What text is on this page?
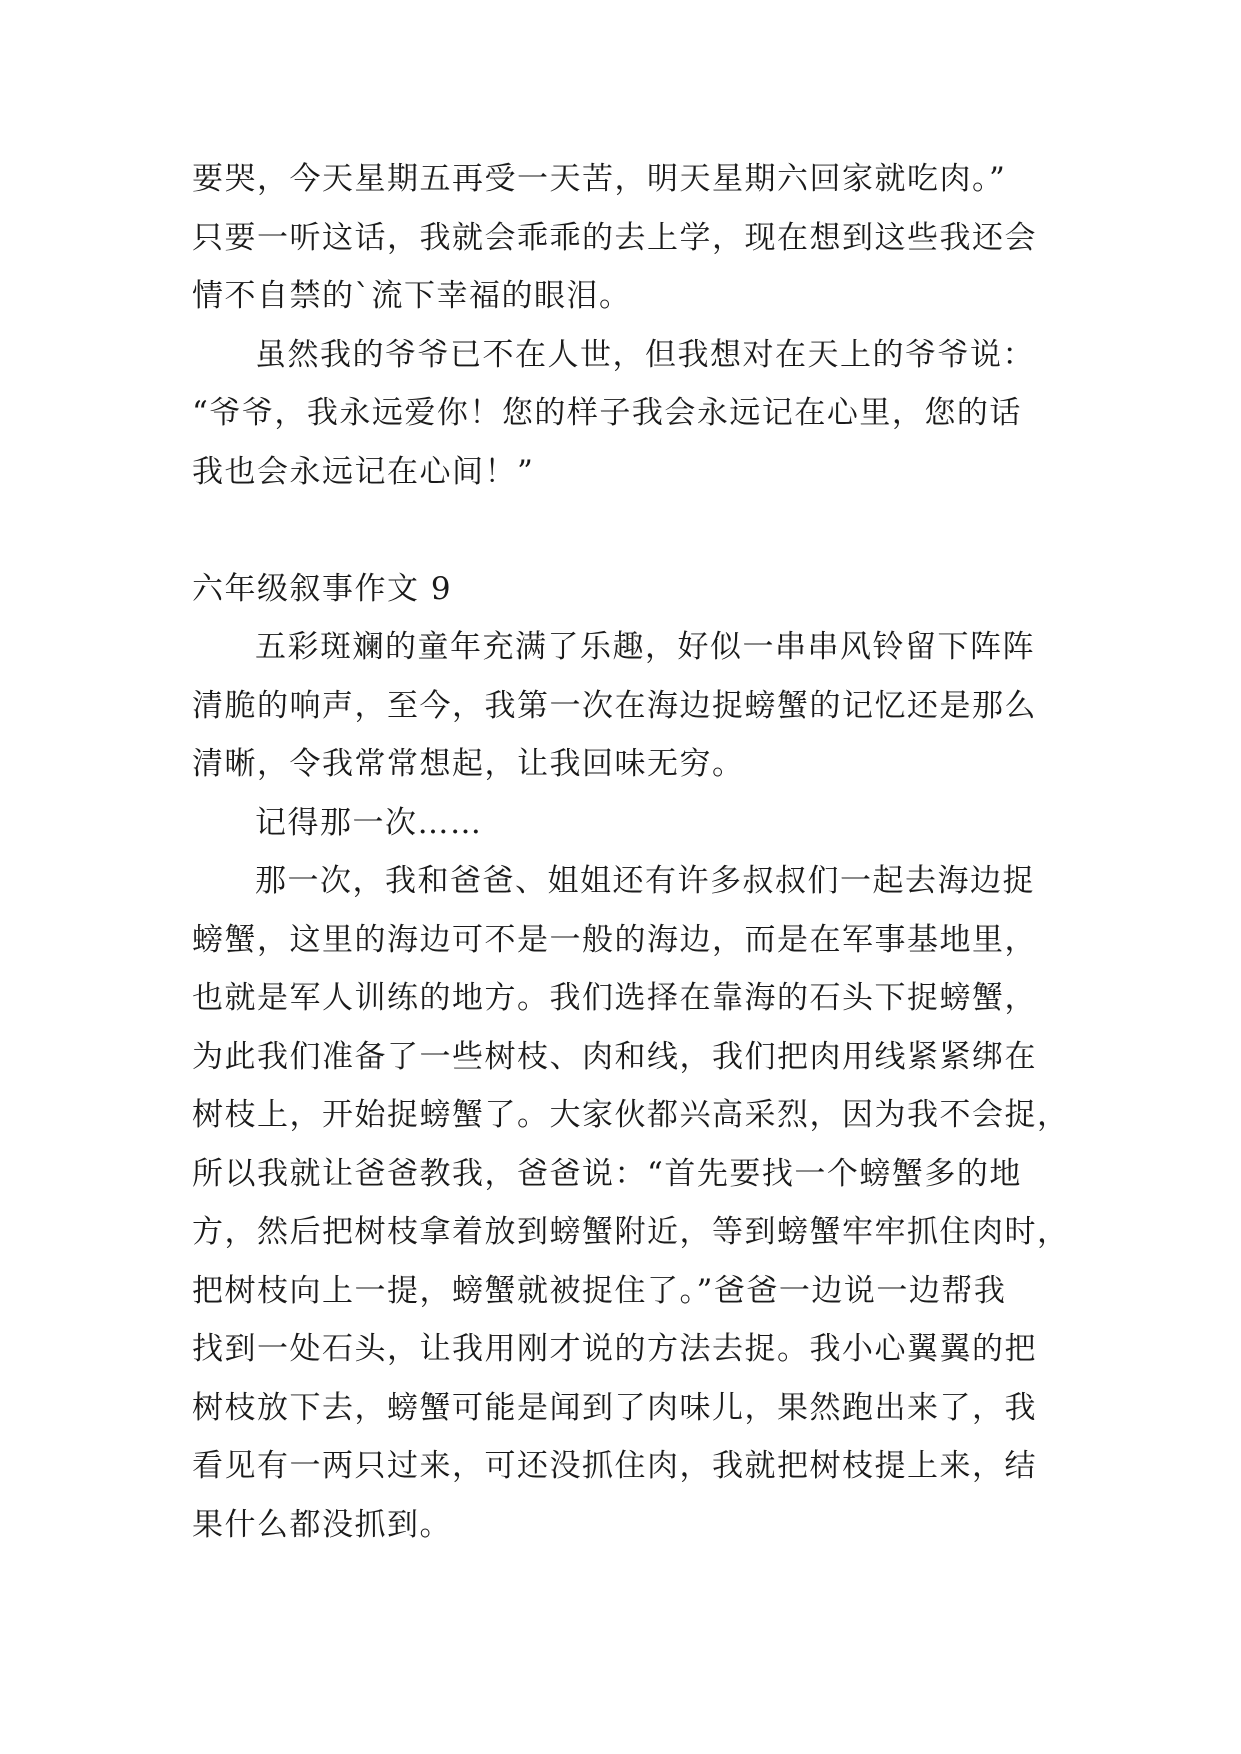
要哭，今天星期五再受一天苦，明天星期六回家就吃肉。”
只要一听这话，我就会乖乖的去上学，现在想到这些我还会
情不自禁的`流下幸福的眼泪。
虽然我的爷爷已不在人世，但我想对在天上的爷爷说：
“爷爷，我永远爱你！您的样子我会永远记在心里，您的话
我也会永远记在心间！”
六年级叙事作文 9
五彩斑斓的童年充满了乐趣，好似一串串风铃留下阵阵
清脆的响声，至今，我第一次在海边捉螃蟹的记忆还是那么
清晰，令我常常想起，让我回味无穷。
记得那一次……
那一次，我和爸爸、姐姐还有许多叔叔们一起去海边捉
螃蟹，这里的海边可不是一般的海边，而是在军事基地里，
也就是军人训练的地方。我们选择在靠海的石头下捉螃蟹，
为此我们准备了一些树枝、肉和线，我们把肉用线紧紧绑在
树枝上，开始捉螃蟹了。大家伙都兴高采烈，因为我不会捉，
所以我就让爸爸教我，爸爸说：“首先要找一个螃蟹多的地
方，然后把树枝拿着放到螃蟹附近，等到螃蟹牢牢抓住肉时，
把树枝向上一提，螃蟹就被捉住了。”爸爸一边说一边帮我
找到一处石头，让我用刚才说的方法去捉。我小心翼翼的把
树枝放下去，螃蟹可能是闻到了肉味儿，果然跑出来了，我
看见有一两只过来，可还没抓住肉，我就把树枝提上来，结
果什么都没抓到。
